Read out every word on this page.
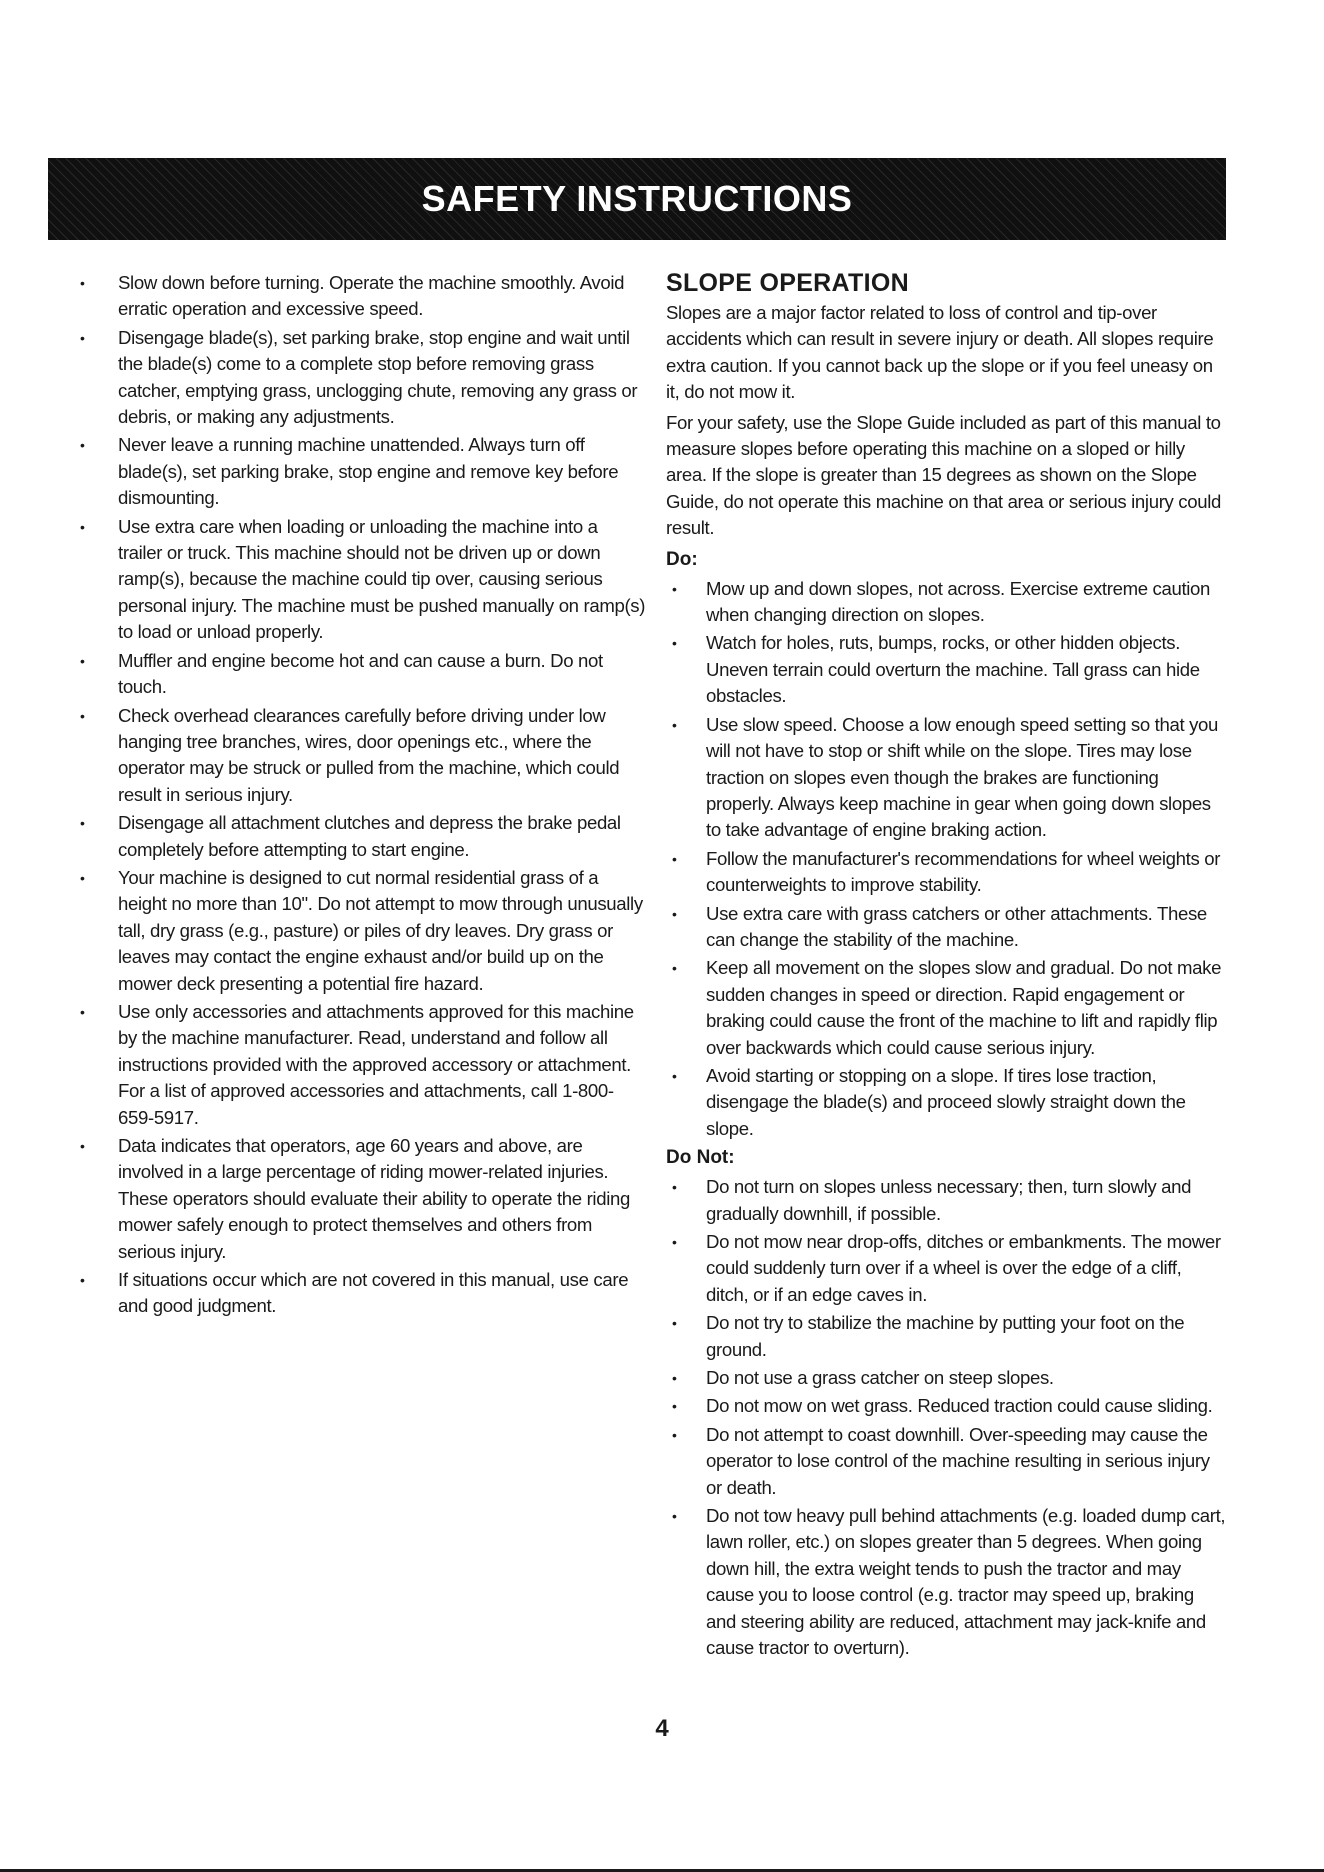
SAFETY INSTRUCTIONS
• Slow down before turning. Operate the machine smoothly. Avoid erratic operation and excessive speed.
• Disengage blade(s), set parking brake, stop engine and wait until the blade(s) come to a complete stop before removing grass catcher, emptying grass, unclogging chute, removing any grass or debris, or making any adjustments.
• Never leave a running machine unattended. Always turn off blade(s), set parking brake, stop engine and remove key before dismounting.
• Use extra care when loading or unloading the machine into a trailer or truck. This machine should not be driven up or down ramp(s), because the machine could tip over, causing serious personal injury. The machine must be pushed manually on ramp(s) to load or unload properly.
• Muffler and engine become hot and can cause a burn. Do not touch.
• Check overhead clearances carefully before driving under low hanging tree branches, wires, door openings etc., where the operator may be struck or pulled from the machine, which could result in serious injury.
• Disengage all attachment clutches and depress the brake pedal completely before attempting to start engine.
• Your machine is designed to cut normal residential grass of a height no more than 10". Do not attempt to mow through unusually tall, dry grass (e.g., pasture) or piles of dry leaves. Dry grass or leaves may contact the engine exhaust and/or build up on the mower deck presenting a potential fire hazard.
• Use only accessories and attachments approved for this machine by the machine manufacturer. Read, understand and follow all instructions provided with the approved accessory or attachment. For a list of approved accessories and attachments, call 1-800-659-5917.
• Data indicates that operators, age 60 years and above, are involved in a large percentage of riding mower-related injuries. These operators should evaluate their ability to operate the riding mower safely enough to protect themselves and others from serious injury.
• If situations occur which are not covered in this manual, use care and good judgment.
SLOPE OPERATION

Slopes are a major factor related to loss of control and tip-over accidents which can result in severe injury or death. All slopes require extra caution. If you cannot back up the slope or if you feel uneasy on it, do not mow it.

For your safety, use the Slope Guide included as part of this manual to measure slopes before operating this machine on a sloped or hilly area. If the slope is greater than 15 degrees as shown on the Slope Guide, do not operate this machine on that area or serious injury could result.

Do:
• Mow up and down slopes, not across. Exercise extreme caution when changing direction on slopes.
• Watch for holes, ruts, bumps, rocks, or other hidden objects. Uneven terrain could overturn the machine. Tall grass can hide obstacles.
• Use slow speed. Choose a low enough speed setting so that you will not have to stop or shift while on the slope. Tires may lose traction on slopes even though the brakes are functioning properly. Always keep machine in gear when going down slopes to take advantage of engine braking action.
• Follow the manufacturer's recommendations for wheel weights or counterweights to improve stability.
• Use extra care with grass catchers or other attachments. These can change the stability of the machine.
• Keep all movement on the slopes slow and gradual. Do not make sudden changes in speed or direction. Rapid engagement or braking could cause the front of the machine to lift and rapidly flip over backwards which could cause serious injury.
• Avoid starting or stopping on a slope. If tires lose traction, disengage the blade(s) and proceed slowly straight down the slope.
Do Not:
• Do not turn on slopes unless necessary; then, turn slowly and gradually downhill, if possible.
• Do not mow near drop-offs, ditches or embankments. The mower could suddenly turn over if a wheel is over the edge of a cliff, ditch, or if an edge caves in.
• Do not try to stabilize the machine by putting your foot on the ground.
• Do not use a grass catcher on steep slopes.
• Do not mow on wet grass. Reduced traction could cause sliding.
• Do not attempt to coast downhill. Over-speeding may cause the operator to lose control of the machine resulting in serious injury or death.
• Do not tow heavy pull behind attachments (e.g. loaded dump cart, lawn roller, etc.) on slopes greater than 5 degrees. When going down hill, the extra weight tends to push the tractor and may cause you to loose control (e.g. tractor may speed up, braking and steering ability are reduced, attachment may jack-knife and cause tractor to overturn).
4
